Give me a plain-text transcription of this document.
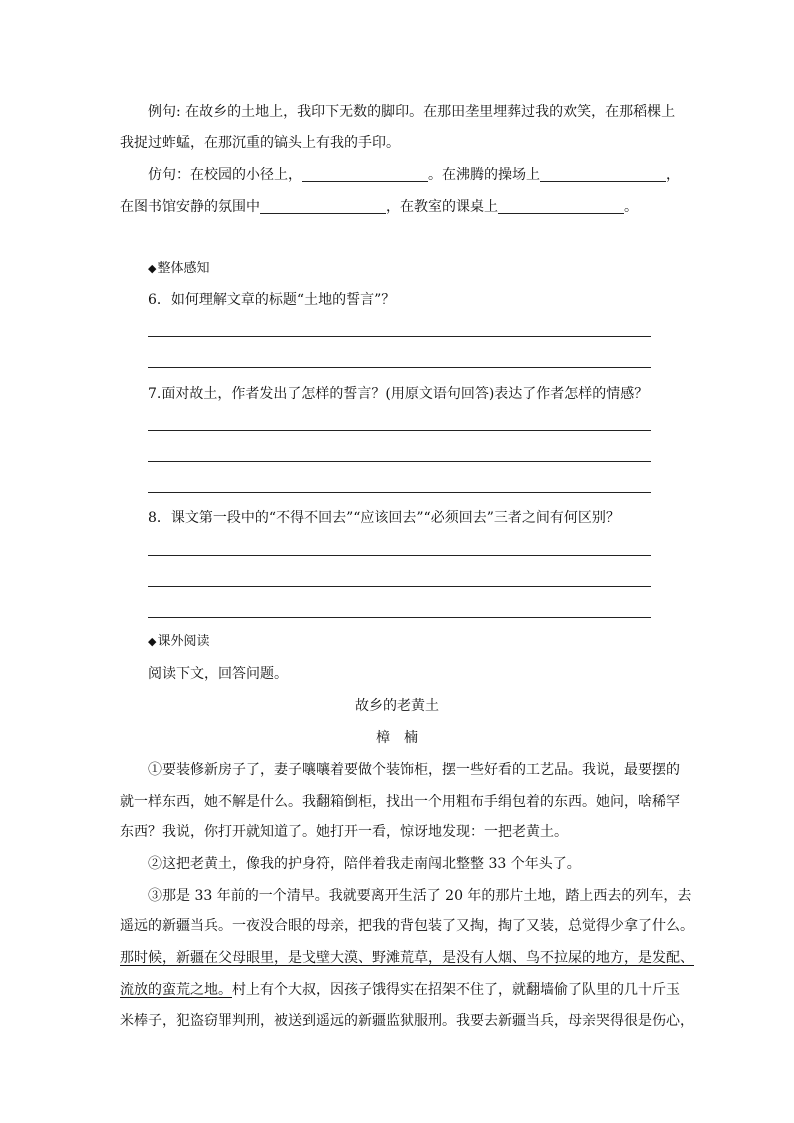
例句: 在故乡的土地上，我印下无数的脚印。在那田垄里埋葬过我的欢笑，在那稻棵上
我捉过蚱蜢，在那沉重的镐头上有我的手印。
仿句：在校园的小径上，	。在沸腾的操场上	，
在图书馆安静的氛围中	，在教室的课桌上	。
◆整体感知
6．如何理解文章的标题“土地的誓言”？
7.面对故土，作者发出了怎样的誓言？(用原文语句回答)表达了作者怎样的情感？
8．课文第一段中的“不得不回去”“应该回去”“必须回去”三者之间有何区别？
◆课外阅读
阅读下文，回答问题。
故乡的老黄土
樟　楠
①要装修新房子了，妻子嚷嚷着要做个装饰柜，摆一些好看的工艺品。我说，最要摆的
就一样东西，她不解是什么。我翻箱倒柜，找出一个用粗布手绢包着的东西。她问，啥稀罕
东西？我说，你打开就知道了。她打开一看，惊讶地发现：一把老黄土。
②这把老黄土，像我的护身符，陪伴着我走南闯北整整 33 个年头了。
③那是 33 年前的一个清早。我就要离开生活了 20 年的那片土地，踏上西去的列车，去
遥远的新疆当兵。一夜没合眼的母亲，把我的背包装了又掏，掏了又装，总觉得少拿了什么。
那时候，新疆在父母眼里，是戈壁大漠、野滩荒草，是没有人烟、鸟不拉屎的地方，是发配、
流放的蛮荒之地。村上有个大叔，因孩子饿得实在招架不住了，就翻墙偷了队里的几十斤玉
米棒子，犯盗窃罪判刑，被送到遥远的新疆监狱服刑。我要去新疆当兵，母亲哭得很是伤心，
